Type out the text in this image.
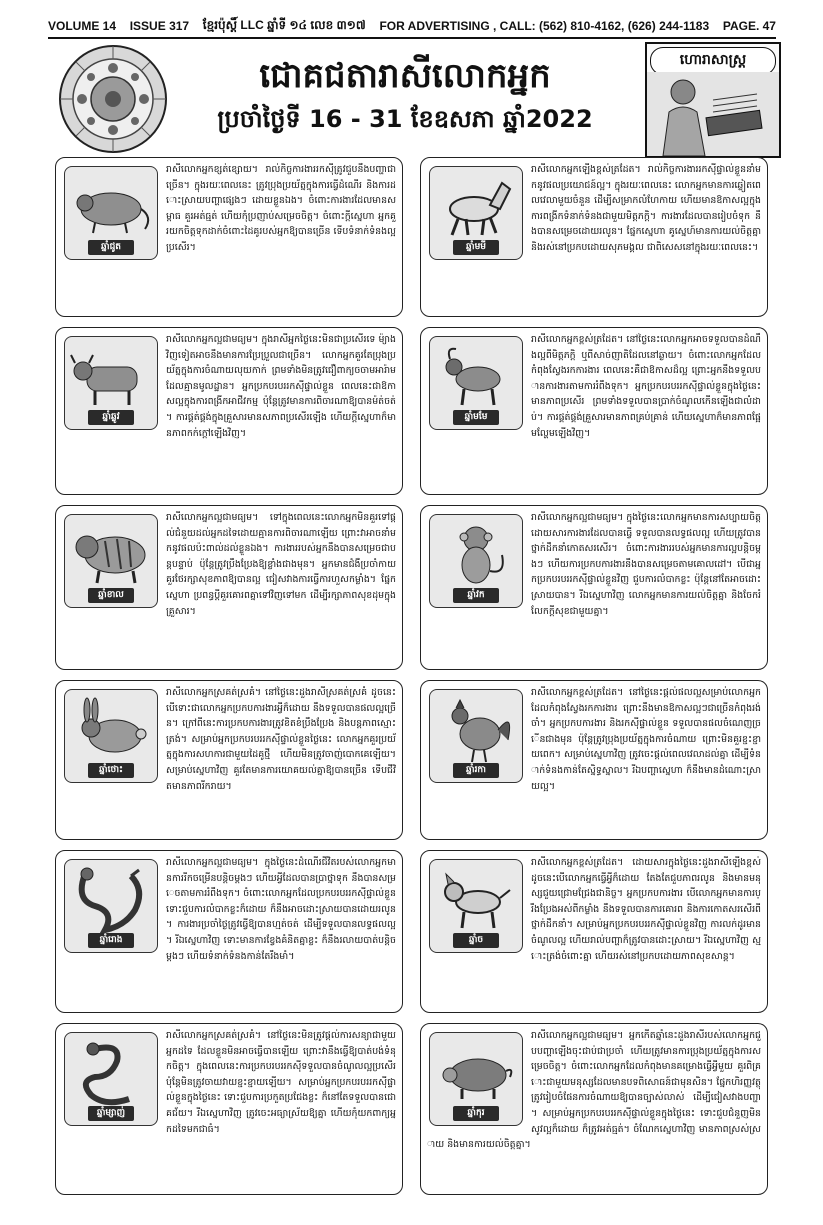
VOLUME 14 ISSUE 317 ខ្មែរប៉ុស្ដិ៍ LLC ឆ្នាំទី ១៤ លេខ ៣១៧ FOR ADVERTISING , CALL: (562) 810-4162, (626) 244-1183 PAGE. 47
ជោគជតារាសីលោកអ្នក
ប្រចាំថ្ងៃទី 16 - 31 ខែឧសភា ឆ្នាំ2022
ហោរាសាស្ត្រ
ឆ្នាំជូត
រាសីលោកអ្នកខ្សត់ខ្សោយ។ រាល់កិច្ចការងាររកស៊ីត្រូវជួបនឹងបញ្ហាជាច្រើន។ ក្នុងរយៈពេលនេះ ត្រូវប្រុងប្រយ័ត្នក្នុងការធ្វើដំណើរ និងការដោះស្រាយបញ្ហាផ្សេងៗ ដោយខ្លួនឯង។ ចំពោះការងារដែលមានសម្ពាធ គួរអត់ធ្មត់ ហើយកុំប្រញាប់សម្រេចចិត្ត។ ចំពោះក្ដីស្នេហា អ្នកគួរយកចិត្តទុកដាក់ចំពោះដៃគូរបស់អ្នកឱ្យបានច្រើន ទើបទំនាក់ទំនងល្អប្រសើរ។
ឆ្នាំឆ្លូវ
រាសីលោកអ្នកល្អជាមធ្យម។ ក្នុងរាសីអ្នកថ្ងៃនេះមិនជាប្រសើរទេ ម៉្យាងវិញទៀតអាចនឹងមានការប្រែប្រួលជាច្រើន។ លោកអ្នកគួរតែប្រុងប្រយ័ត្នក្នុងការចំណាយលុយកាក់ ព្រមទាំងមិនត្រូវជឿពាក្យចចាមអារ៉ាមដែលគ្មានមូលដ្ឋាន។ អ្នកប្រកបរបររកស៊ីផ្ទាល់ខ្លួន ពេលនេះជាឱកាសល្អក្នុងការពង្រីកអាជីវកម្ម ប៉ុន្តែត្រូវមានការពិចារណាឱ្យបានម៉ត់ចត់។ ការផ្គត់ផ្គង់ក្នុងគ្រួសារមានសភាពប្រសើរឡើង ហើយក្ដីស្នេហាក៏មានភាពកក់ក្ដៅឡើងវិញ។
ឆ្នាំខាល
រាសីលោកអ្នកល្អជាមធ្យម។ ទៅក្នុងពេលនេះលោកអ្នកមិនគួរទៅផ្ដល់ជំនួយដល់អ្នកដទៃដោយគ្មានការពិចារណាឡើយ ព្រោះវាអាចនាំមកនូវផលប៉ះពាល់ដល់ខ្លួនឯង។ ការងាររបស់អ្នកនឹងបានសម្រេចជាបន្តបន្ទាប់ ប៉ុន្តែត្រូវប្រឹងប្រែងឱ្យខ្លាំងជាងមុន។ អ្នកមានជំងឺប្រចាំកាយ គួរថែរក្សាសុខភាពឱ្យបានល្អ ជៀសវាងការធ្វើការហួសកម្លាំង។ ផ្នែកស្នេហា ប្រពន្ធប្ដីគួរគោរពគ្នាទៅវិញទៅមក ដើម្បីរក្សាភាពសុខដុមក្នុងគ្រួសារ។
ឆ្នាំថោះ
រាសីលោកអ្នកស្រគត់ស្រគំ។ នៅថ្ងៃនេះដួងរាសីស្រគត់ស្រគំ ដូចនេះបើទោះជាលោកអ្នកប្រកបការងារអ្វីក៏ដោយ នឹងទទួលបានផលល្អច្រើន។ ក្រៅពីនេះការប្រកបការងារត្រូវខិតខំប្រឹងប្រែង និងបន្តភាពស្មោះត្រង់។ សម្រាប់អ្នកប្រកបរបររកស៊ីផ្ទាល់ខ្លួនថ្ងៃនេះ លោកអ្នកគួរប្រយ័ត្នក្នុងការសហការជាមួយដៃគូថ្មី ហើយមិនត្រូវចាញ់បោកគេឡើយ។ សម្រាប់ស្នេហាវិញ គួរតែមានការយោគយល់គ្នាឱ្យបានច្រើន ទើបជីវិតមានភាពរីករាយ។
ឆ្នាំរោង
រាសីលោកអ្នកល្អជាមធ្យម។ ក្នុងថ្ងៃនេះដំណើរជីវិតរបស់លោកអ្នកមានការរីកចម្រើនបន្តិចម្ដងៗ ហើយអ្វីដែលបានប្រាថ្នាទុក នឹងបានសម្រេចតាមការរំពឹងទុក។ ចំពោះលោកអ្នកដែលប្រកបរបររកស៊ីផ្ទាល់ខ្លួន ទោះជួបការលំបាកខ្លះក៏ដោយ ក៏នឹងអាចដោះស្រាយបានដោយរលូន។ ការងារប្រចាំថ្ងៃត្រូវធ្វើឱ្យបានហ្មត់ចត់ ដើម្បីទទួលបានលទ្ធផលល្អ។ រីឯស្នេហាវិញ ទោះមានការខ្វែងគំនិតគ្នាខ្លះ ក៏នឹងរលាយបាត់បន្តិចម្ដងៗ ហើយទំនាក់ទំនងកាន់តែរឹងមាំ។
ឆ្នាំម្សាញ់
រាសីលោកអ្នកស្រគត់ស្រគំ។ នៅថ្ងៃនេះមិនត្រូវផ្ដល់ការសន្យាជាមួយអ្នកដទៃ ដែលខ្លួនមិនអាចធ្វើបានឡើយ ព្រោះវានឹងធ្វើឱ្យបាត់បង់ទំនុកចិត្ត។ ក្នុងពេលនេះការប្រកបរបររកស៊ីទទួលបានចំណូលល្អប្រសើរ ប៉ុន្តែមិនត្រូវចាយវាយខ្ជះខ្ជាយឡើយ។ សម្រាប់អ្នកប្រកបរបររកស៊ីផ្ទាល់ខ្លួនក្នុងថ្ងៃនេះ ទោះជួបការប្រកួតប្រជែងខ្លះ ក៏នៅតែទទួលបានជោគជ័យ។ រីឯស្នេហាវិញ ត្រូវចេះអធ្យាស្រ័យឱ្យគ្នា ហើយកុំយកពាក្យអ្នកដទៃមកជាធំ។
ឆ្នាំមមី
រាសីលោកអ្នកឡើងខ្ពស់ត្រដែត។ រាល់កិច្ចការងាររកស៊ីផ្ទាល់ខ្លួននាំមកនូវផលប្រយោជន៍ល្អ។ ក្នុងរយៈពេលនេះ លោកអ្នកមានការឆ្លៀតពេលវេលាមួយចំនួន ដើម្បីសម្រាកលំហែកាយ ហើយមានឱកាសល្អក្នុងការពង្រីកទំនាក់ទំនងជាមួយមិត្តភក្តិ។ ការងារដែលបានរៀបចំទុក នឹងបានសម្រេចដោយរលូន។ ផ្នែកស្នេហា គូស្នេហ៍មានការយល់ចិត្តគ្នា និងរស់នៅប្រកបដោយសុភមង្គល ជាពិសេសនៅក្នុងរយៈពេលនេះ។
ឆ្នាំមមែ
រាសីលោកអ្នកខ្ពស់ត្រដែត។ នៅថ្ងៃនេះលោកអ្នកអាចទទួលបានដំណឹងល្អពីមិត្តភក្តិ ឬពីសាច់ញាតិដែលនៅឆ្ងាយ។ ចំពោះលោកអ្នកដែលកំពុងស្វែងរកការងារ ពេលនេះគឺជាឱកាសដ៏ល្អ ព្រោះអ្នកនឹងទទួលបានការងារតាមការរំពឹងទុក។ អ្នកប្រកបរបររកស៊ីផ្ទាល់ខ្លួនក្នុងថ្ងៃនេះ មានភាពប្រសើរ ព្រមទាំងទទួលបានប្រាក់ចំណូលកើនឡើងជាលំដាប់។ ការផ្គត់ផ្គង់គ្រួសារមានភាពគ្រប់គ្រាន់ ហើយស្នេហាក៏មានភាពផ្អែមល្ហែមឡើងវិញ។
ឆ្នាំវក
រាសីលោកអ្នកល្អជាមធ្យម។ ក្នុងថ្ងៃនេះលោកអ្នកមានការសប្បាយចិត្ត ដោយសារការងារដែលបានធ្វើ ទទួលបានលទ្ធផលល្អ ហើយត្រូវបានថ្នាក់ដឹកនាំកោតសរសើរ។ ចំពោះការងាររបស់អ្នកមានការល្អបន្តិចម្ដងៗ ហើយការប្រកបការងារនឹងបានសម្រេចតាមគោលដៅ។ បើជាអ្នកប្រកបរបររកស៊ីផ្ទាល់ខ្លួនវិញ ជួបការលំបាកខ្លះ ប៉ុន្តែនៅតែអាចដោះស្រាយបាន។ រីឯស្នេហាវិញ លោកអ្នកមានការយល់ចិត្តគ្នា និងចែករំលែកក្ដីសុខជាមួយគ្នា។
ឆ្នាំរកា
រាសីលោកអ្នកខ្ពស់ត្រដែត។ នៅថ្ងៃនេះផ្ដល់ផលល្អសម្រាប់លោកអ្នកដែលកំពុងស្វែងរកការងារ ព្រោះនឹងមានឱកាសល្អៗជាច្រើនកំពុងរង់ចាំ។ អ្នកប្រកបការងារ និងរកស៊ីផ្ទាល់ខ្លួន ទទួលបានផលចំណេញច្រើនជាងមុន ប៉ុន្តែត្រូវប្រុងប្រយ័ត្នក្នុងការចំណាយ ព្រោះមិនគួរខ្ជះខ្ជាយពេក។ សម្រាប់ស្នេហាវិញ ត្រូវចេះផ្ដល់ពេលវេលាដល់គ្នា ដើម្បីទំនាក់ទំនងកាន់តែស្និទ្ធស្នាល។ រីឯបញ្ហាស្នេហា ក៏នឹងមានដំណោះស្រាយល្អ។
ឆ្នាំច
រាសីលោកអ្នកខ្ពស់ត្រដែត។ ដោយសារក្នុងថ្ងៃនេះដួងរាសីឡើងខ្ពស់ ដូចនេះបើលោកអ្នកធ្វើអ្វីក៏ដោយ តែងតែជួបភាពរលូន និងមានមនុស្សជួយជ្រោមជ្រែងជានិច្ច។ អ្នកប្រកបការងារ បើលោកអ្នកមានការប្រឹងប្រែងអស់ពីកម្លាំង នឹងទទួលបានការគោរព និងការកោតសរសើរពីថ្នាក់ដឹកនាំ។ សម្រាប់អ្នកប្រកបរបររកស៊ីផ្ទាល់ខ្លួនវិញ ការលក់ដូរមានចំណូលល្អ ហើយរាល់បញ្ហាក៏ត្រូវបានដោះស្រាយ។ រីឯស្នេហាវិញ ស្មោះត្រង់ចំពោះគ្នា ហើយរស់នៅប្រកបដោយភាពសុខសាន្ត។
ឆ្នាំកុរ
រាសីលោកអ្នកល្អជាមធ្យម។ អ្នកកើតឆ្នាំនេះដួងរាសីរបស់លោកអ្នកជួបបញ្ហាឡើងចុះជាប់ជាប្រចាំ ហើយត្រូវមានការប្រុងប្រយ័ត្នក្នុងការសម្រេចចិត្ត។ ចំពោះលោកអ្នកដែលកំពុងមានគម្រោងធ្វើអ្វីមួយ គួរពិគ្រោះជាមួយមនុស្សដែលមានបទពិសោធន៍ជាមុនសិន។ ផ្នែកហិរញ្ញវត្ថុ ត្រូវរៀបចំផែនការចំណាយឱ្យបានច្បាស់លាស់ ដើម្បីជៀសវាងបញ្ហា។ សម្រាប់អ្នកប្រកបរបររកស៊ីផ្ទាល់ខ្លួនក្នុងថ្ងៃនេះ ទោះជួបជំនួញមិនសូវល្អក៏ដោយ ក៏ត្រូវអត់ធ្មត់។ ចំណែកស្នេហាវិញ មានភាពស្រស់ស្រាយ និងមានការយល់ចិត្តគ្នា។
